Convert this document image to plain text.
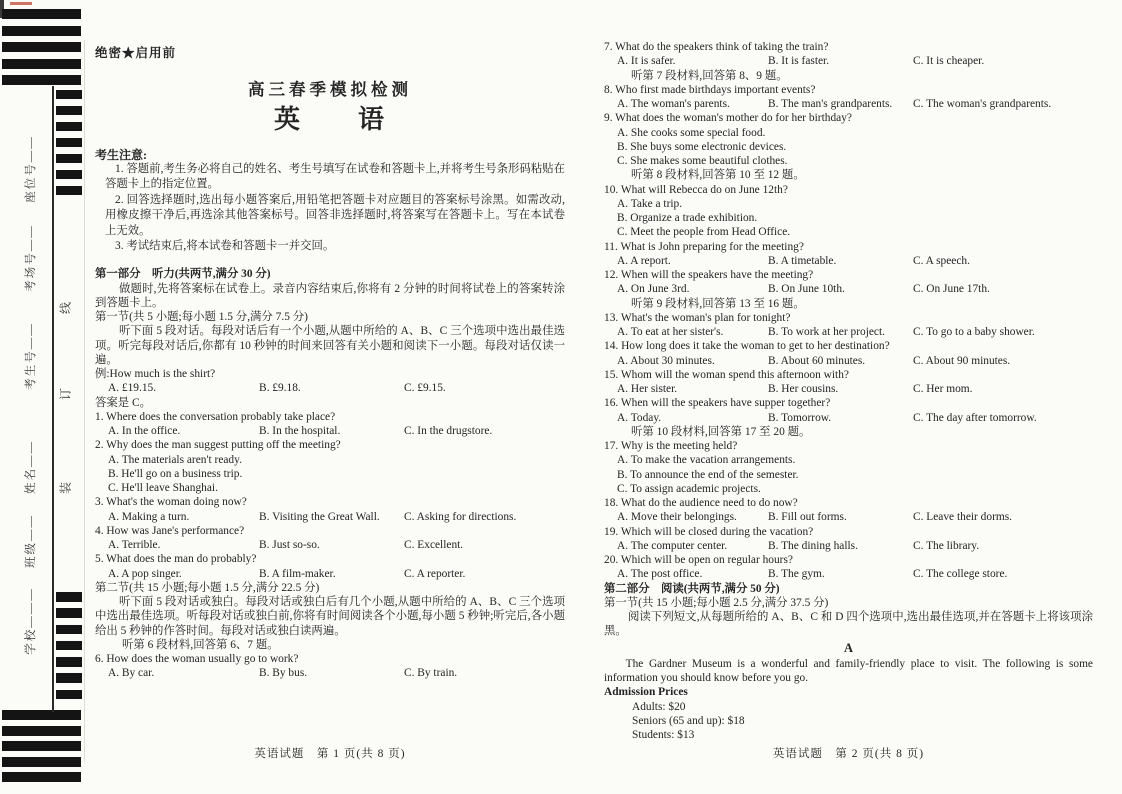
座位号——
考场号——
考生号——
姓名——
班级——
学校———
线
订
装
绝密★启用前
高三春季模拟检测
英　　语
考生注意:
1. 答题前,考生务必将自己的姓名、考生号填写在试卷和答题卡上,并将考生号条形码粘贴在答题卡上的指定位置。
2. 回答选择题时,选出每小题答案后,用铅笔把答题卡对应题目的答案标号涂黑。如需改动,用橡皮擦干净后,再选涂其他答案标号。回答非选择题时,将答案写在答题卡上。写在本试卷上无效。
3. 考试结束后,将本试卷和答题卡一并交回。
第一部分　听力(共两节,满分 30 分)
做题时,先将答案标在试卷上。录音内容结束后,你将有 2 分钟的时间将试卷上的答案转涂到答题卡上。
第一节(共 5 小题;每小题 1.5 分,满分 7.5 分)
听下面 5 段对话。每段对话后有一个小题,从题中所给的 A、B、C 三个选项中选出最佳选项。听完每段对话后,你都有 10 秒钟的时间来回答有关小题和阅读下一小题。每段对话仅读一遍。
例:How much is the shirt?
A. £19.15.	B. £9.18.	C. £9.15.
答案是 C。
1. Where does the conversation probably take place?
A. In the office.	B. In the hospital.	C. In the drugstore.
2. Why does the man suggest putting off the meeting?
A. The materials aren't ready.
B. He'll go on a business trip.
C. He'll leave Shanghai.
3. What's the woman doing now?
A. Making a turn.	B. Visiting the Great Wall.	C. Asking for directions.
4. How was Jane's performance?
A. Terrible.	B. Just so-so.	C. Excellent.
5. What does the man do probably?
A. A pop singer.	B. A film-maker.	C. A reporter.
第二节(共 15 小题;每小题 1.5 分,满分 22.5 分)
听下面 5 段对话或独白。每段对话或独白后有几个小题,从题中所给的 A、B、C 三个选项中选出最佳选项。听每段对话或独白前,你将有时间阅读各个小题,每小题 5 秒钟;听完后,各小题给出 5 秒钟的作答时间。每段对话或独白读两遍。
听第 6 段材料,回答第 6、7 题。
6. How does the woman usually go to work?
A. By car.	B. By bus.	C. By train.
7. What do the speakers think of taking the train?
A. It is safer.	B. It is faster.	C. It is cheaper.
听第 7 段材料,回答第 8、9 题。
8. Who first made birthdays important events?
A. The woman's parents.	B. The man's grandparents.	C. The woman's grandparents.
9. What does the woman's mother do for her birthday?
A. She cooks some special food.
B. She buys some electronic devices.
C. She makes some beautiful clothes.
听第 8 段材料,回答第 10 至 12 题。
10. What will Rebecca do on June 12th?
A. Take a trip.
B. Organize a trade exhibition.
C. Meet the people from Head Office.
11. What is John preparing for the meeting?
A. A report.	B. A timetable.	C. A speech.
12. When will the speakers have the meeting?
A. On June 3rd.	B. On June 10th.	C. On June 17th.
听第 9 段材料,回答第 13 至 16 题。
13. What's the woman's plan for tonight?
A. To eat at her sister's.	B. To work at her project.	C. To go to a baby shower.
14. How long does it take the woman to get to her destination?
A. About 30 minutes.	B. About 60 minutes.	C. About 90 minutes.
15. Whom will the woman spend this afternoon with?
A. Her sister.	B. Her cousins.	C. Her mom.
16. When will the speakers have supper together?
A. Today.	B. Tomorrow.	C. The day after tomorrow.
听第 10 段材料,回答第 17 至 20 题。
17. Why is the meeting held?
A. To make the vacation arrangements.
B. To announce the end of the semester.
C. To assign academic projects.
18. What do the audience need to do now?
A. Move their belongings.	B. Fill out forms.	C. Leave their dorms.
19. Which will be closed during the vacation?
A. The computer center.	B. The dining halls.	C. The library.
20. Which will be open on regular hours?
A. The post office.	B. The gym.	C. The college store.
第二部分　阅读(共两节,满分 50 分)
第一节(共 15 小题;每小题 2.5 分,满分 37.5 分)
阅读下列短文,从每题所给的 A、B、C 和 D 四个选项中,选出最佳选项,并在答题卡上将该项涂黑。
A
The Gardner Museum is a wonderful and family-friendly place to visit. The following is some information you should know before you go.
Admission Prices
Adults: $20
Seniors (65 and up): $18
Students: $13
英语试题　第 1 页(共 8 页)	英语试题　第 2 页(共 8 页)
